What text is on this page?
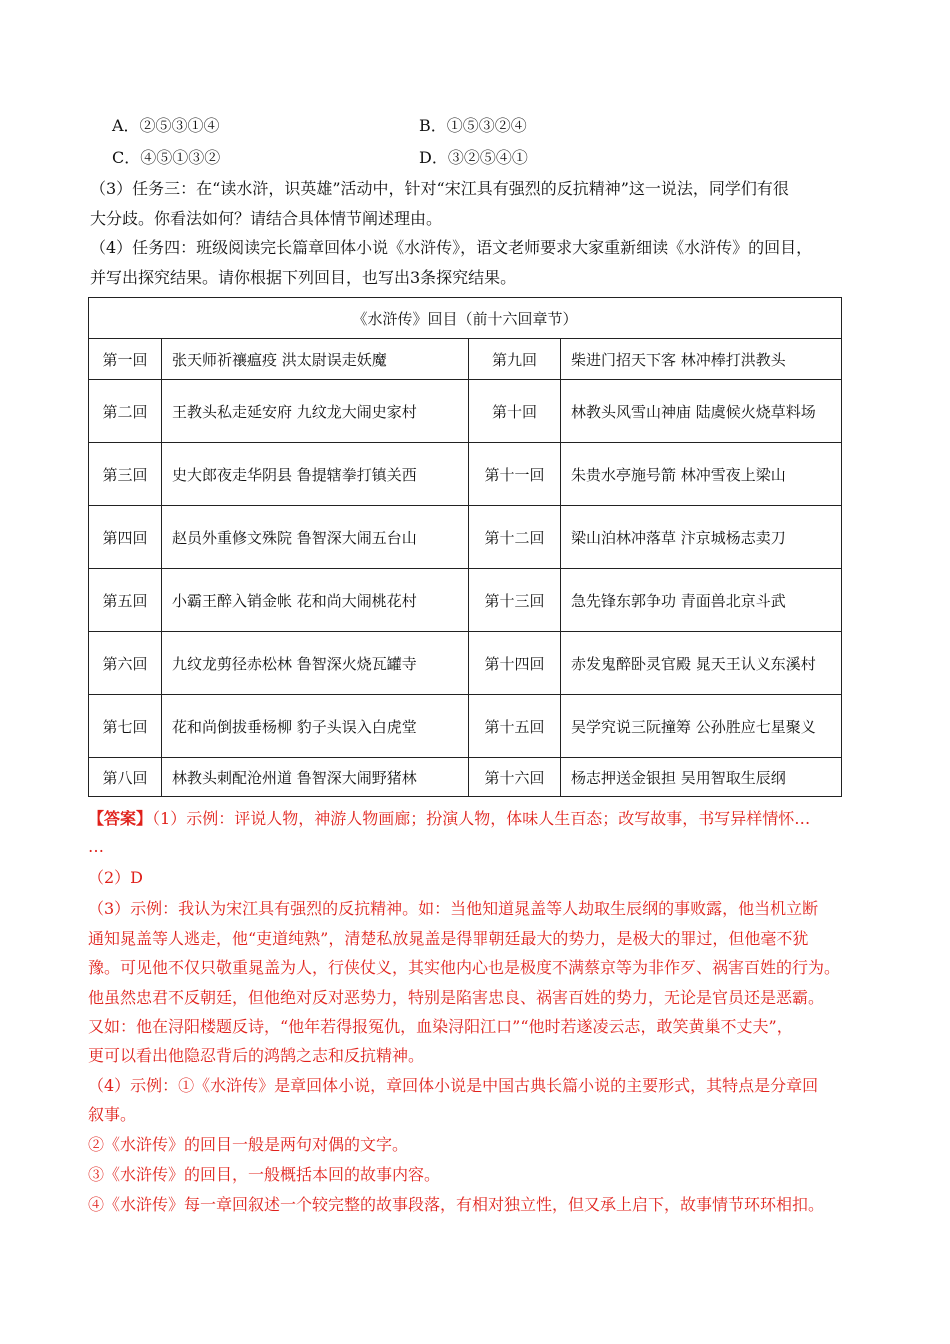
A．②⑤③①④	B．①⑤③②④
C．④⑤①③②	D．③②⑤④①
（3）任务三：在“读水浒，识英雄”活动中，针对“宋江具有强烈的反抗精神”这一说法，同学们有很
大分歧。你看法如何？请结合具体情节阐述理由。
（4）任务四：班级阅读完长篇章回体小说《水浒传》，语文老师要求大家重新细读《水浒传》的回目，
并写出探究结果。请你根据下列回目，也写出3条探究结果。
《水浒传》回目（前十六回章节）			
第一回	张天师祈禳瘟疫 洪太尉误走妖魔	第九回	柴进门招天下客 林冲棒打洪教头
第二回	王教头私走延安府 九纹龙大闹史家村	第十回	林教头风雪山神庙 陆虞候火烧草料场
第三回	史大郎夜走华阴县 鲁提辖拳打镇关西	第十一回	朱贵水亭施号箭 林冲雪夜上梁山
第四回	赵员外重修文殊院 鲁智深大闹五台山	第十二回	梁山泊林冲落草 汴京城杨志卖刀
第五回	小霸王醉入销金帐 花和尚大闹桃花村	第十三回	急先锋东郭争功 青面兽北京斗武
第六回	九纹龙剪径赤松林 鲁智深火烧瓦罐寺	第十四回	赤发鬼醉卧灵官殿 晁天王认义东溪村
第七回	花和尚倒拔垂杨柳 豹子头误入白虎堂	第十五回	吴学究说三阮撞筹 公孙胜应七星聚义
第八回	林教头刺配沧州道 鲁智深大闹野猪林	第十六回	杨志押送金银担 吴用智取生辰纲
【答案】（1）示例：评说人物，神游人物画廊；扮演人物，体味人生百态；改写故事，书写异样情怀…
…
（2）D
（3）示例：我认为宋江具有强烈的反抗精神。如：当他知道晁盖等人劫取生辰纲的事败露，他当机立断
通知晁盖等人逃走，他“吏道纯熟”，清楚私放晁盖是得罪朝廷最大的势力，是极大的罪过，但他毫不犹
豫。可见他不仅只敬重晁盖为人，行侠仗义，其实他内心也是极度不满蔡京等为非作歹、祸害百姓的行为。
他虽然忠君不反朝廷，但他绝对反对恶势力，特别是陷害忠良、祸害百姓的势力，无论是官员还是恶霸。
又如：他在浔阳楼题反诗，“他年若得报冤仇，血染浔阳江口”“他时若遂凌云志，敢笑黄巢不丈夫”，
更可以看出他隐忍背后的鸿鹄之志和反抗精神。
（4）示例：①《水浒传》是章回体小说，章回体小说是中国古典长篇小说的主要形式，其特点是分章回
叙事。
②《水浒传》的回目一般是两句对偶的文字。
③《水浒传》的回目，一般概括本回的故事内容。
④《水浒传》每一章回叙述一个较完整的故事段落，有相对独立性，但又承上启下，故事情节环环相扣。
